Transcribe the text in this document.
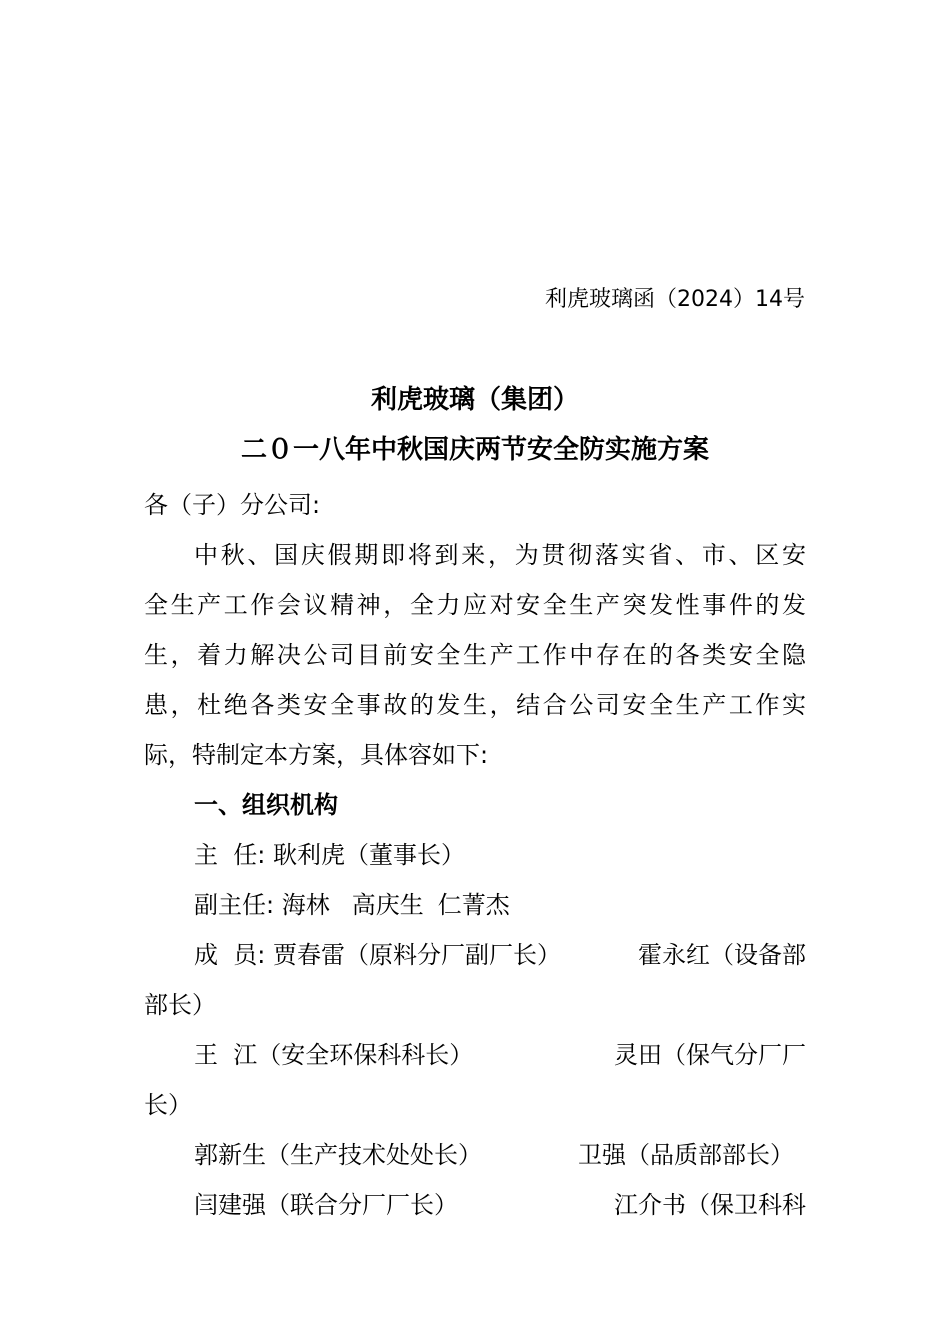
利虎玻璃函（2024）14号
利虎玻璃（集团）
二０一八年中秋国庆两节安全防实施方案
各（子）分公司:
中秋、国庆假期即将到来，为贯彻落实省、市、区安
全生产工作会议精神，全力应对安全生产突发性事件的发
生，着力解决公司目前安全生产工作中存在的各类安全隐
患，杜绝各类安全事故的发生，结合公司安全生产工作实
际，特制定本方案，具体容如下:
一、组织机构
主  任: 耿利虎（董事长）
副主任: 海林 高庆生 仁菁杰
成  员: 贾春雷（原料分厂副厂长）	霍永红（设备部
部长）
王  江（安全环保科科长）	灵田（保气分厂厂
长）
郭新生（生产技术处处长）	卫强（品质部部长）
闫建强（联合分厂厂长）	江介书（保卫科科
